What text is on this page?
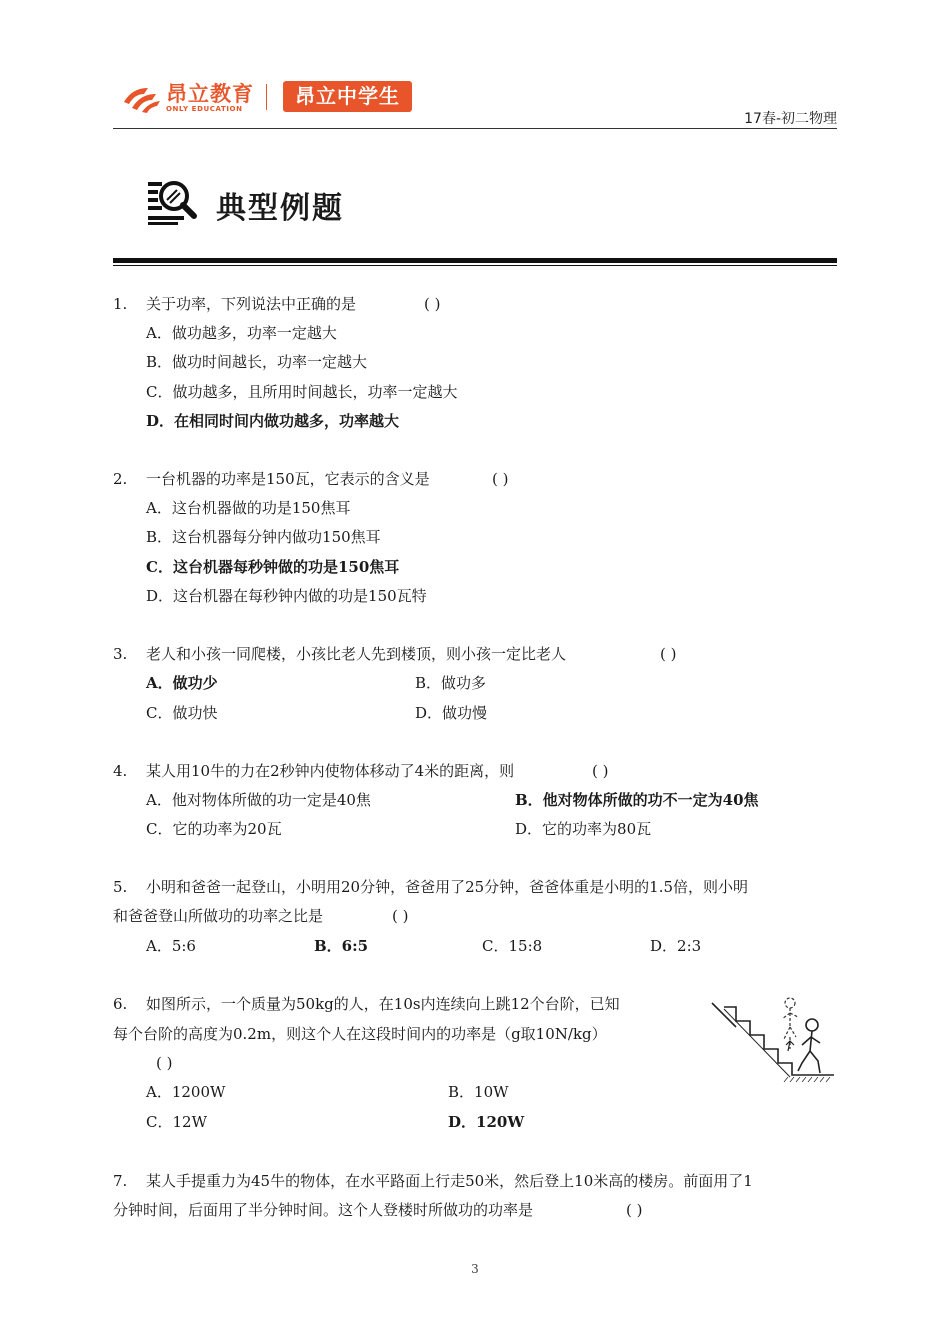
昂立教育
ONLY EDUCATION
昂立中学生
17春-初二物理
典型例题
1. 关于功率，下列说法中正确的是	( )
A．做功越多，功率一定越大
B．做功时间越长，功率一定越大
C．做功越多，且所用时间越长，功率一定越大
D．在相同时间内做功越多，功率越大
2. 一台机器的功率是150瓦，它表示的含义是	( )
A．这台机器做的功是150焦耳
B．这台机器每分钟内做功150焦耳
C．这台机器每秒钟做的功是150焦耳
D．这台机器在每秒钟内做的功是150瓦特
3. 老人和小孩一同爬楼，小孩比老人先到楼顶，则小孩一定比老人	( )
A．做功少	B．做功多
C．做功快	D．做功慢
4. 某人用10牛的力在2秒钟内使物体移动了4米的距离，则	( )
A．他对物体所做的功一定是40焦	B．他对物体所做的功不一定为40焦
C．它的功率为20瓦	D．它的功率为80瓦
5. 小明和爸爸一起登山，小明用20分钟，爸爸用了25分钟，爸爸体重是小明的1.5倍，则小明
和爸爸登山所做功的功率之比是	( )
A．5:6	B．6:5	C．15:8	D．2:3
6. 如图所示，一个质量为50kg的人，在10s内连续向上跳12个台阶，已知
每个台阶的高度为0.2m，则这个人在这段时间内的功率是（g取10N/kg）
( )
A．1200W	B．10W
C．12W	D．120W
7. 某人手提重力为45牛的物体，在水平路面上行走50米，然后登上10米高的楼房。前面用了1
分钟时间，后面用了半分钟时间。这个人登楼时所做功的功率是	( )
3
